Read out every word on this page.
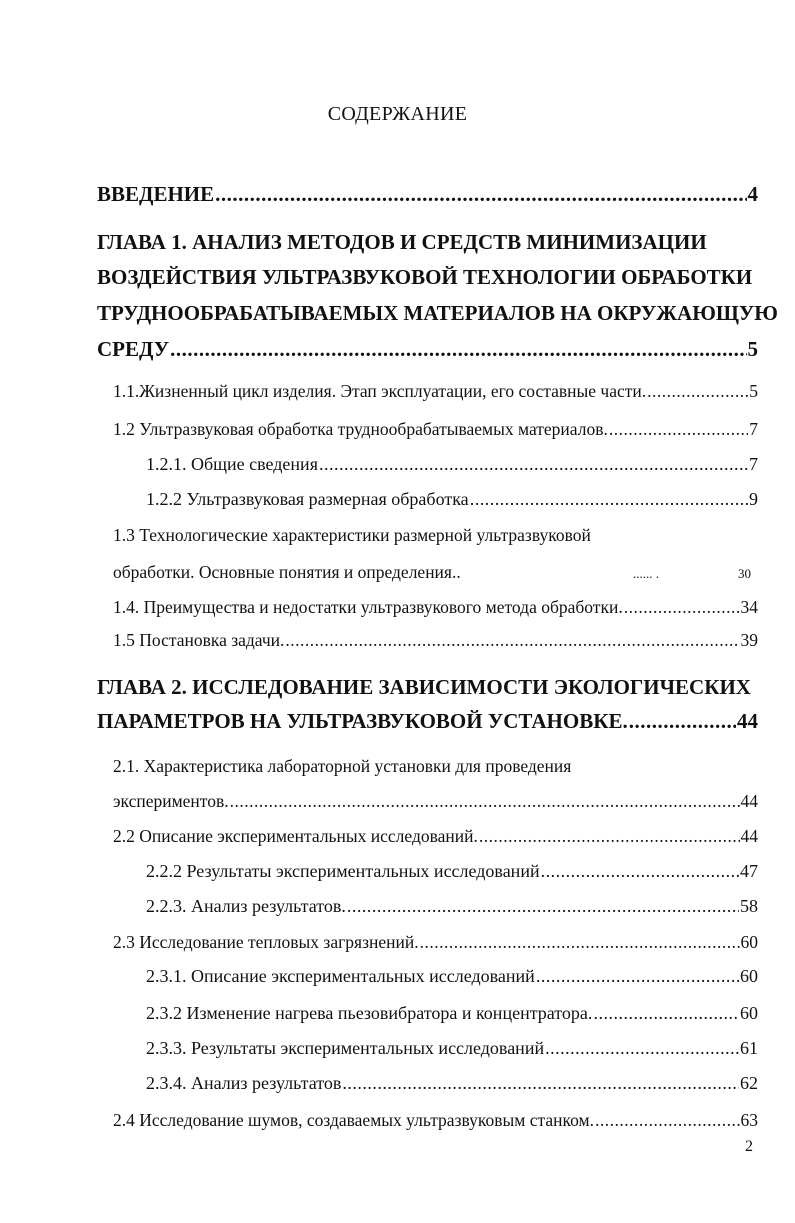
СОДЕРЖАНИЕ
ВВЕДЕНИЕ .....	4
ГЛАВА 1. АНАЛИЗ МЕТОДОВ И СРЕДСТВ МИНИМИЗАЦИИ
ВОЗДЕЙСТВИЯ УЛЬТРАЗВУКОВОЙ ТЕХНОЛОГИИ ОБРАБОТКИ
ТРУДНООБРАБАТЫВАЕМЫХ МАТЕРИАЛОВ НА ОКРУЖАЮЩУЮ
СРЕДУ .....	5
1.1.Жизненный цикл изделия. Этап эксплуатации, его составные части. .....	5
1.2 Ультразвуковая обработка труднообрабатываемых материалов. .....	7
1.2.1. Общие сведения .....	7
1.2.2 Ультразвуковая размерная обработка .....	9
1.3 Технологические характеристики размерной ультразвуковой
обработки. Основные понятия и определения..	...... .	30
1.4. Преимущества и недостатки ультразвукового метода обработки. .....	34
1.5 Постановка задачи. .....	39
ГЛАВА 2. ИССЛЕДОВАНИЕ ЗАВИСИМОСТИ ЭКОЛОГИЧЕСКИХ
ПАРАМЕТРОВ НА УЛЬТРАЗВУКОВОЙ УСТАНОВКЕ. .....	44
2.1. Характеристика лабораторной установки для проведения
экспериментов. .....	44
2.2 Описание экспериментальных исследований. .....	44
2.2.2 Результаты экспериментальных исследований .....	47
2.2.3. Анализ результатов. .....	58
2.3 Исследование тепловых загрязнений. .....	60
2.3.1. Описание экспериментальных исследований .....	60
2.3.2 Изменение нагрева пьезовибратора и концентратора. .....	60
2.3.3. Результаты экспериментальных исследований .....	61
2.3.4. Анализ результатов .....	62
2.4 Исследование шумов, создаваемых ультразвуковым станком. .....	63
2
